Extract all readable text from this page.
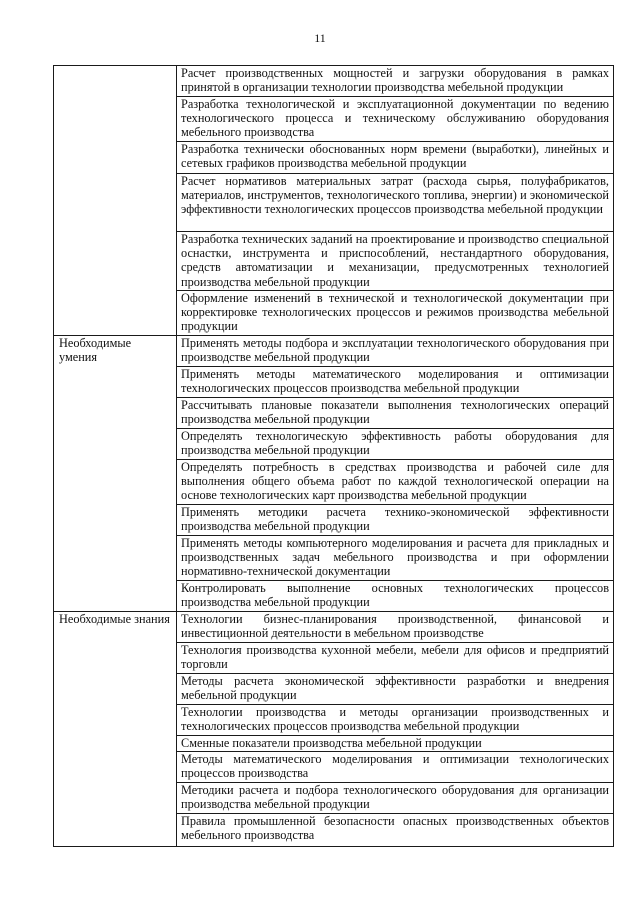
11
	Расчет производственных мощностей и загрузки оборудования в рамках принятой в организации технологии производства мебельной продукции
	Разработка технологической и эксплуатационной документации по ведению технологического процесса и техническому обслуживанию оборудования мебельного производства
	Разработка технически обоснованных норм времени (выработки), линейных и сетевых графиков производства мебельной продукции
	Расчет нормативов материальных затрат (расхода сырья, полуфабрикатов, материалов, инструментов, технологического топлива, энергии) и экономической эффективности технологических процессов производства мебельной продукции
	Разработка технических заданий на проектирование и производство специальной оснастки, инструмента и приспособлений, нестандартного оборудования, средств автоматизации и механизации, предусмотренных технологией производства мебельной продукции
	Оформление изменений в технической и технологической документации при корректировке технологических процессов и режимов производства мебельной продукции
Необходимые умения	Применять методы подбора и эксплуатации технологического оборудования при производстве мебельной продукции
	Применять методы математического моделирования и оптимизации технологических процессов производства мебельной продукции
	Рассчитывать плановые показатели выполнения технологических операций производства мебельной продукции
	Определять технологическую эффективность работы оборудования для производства мебельной продукции
	Определять потребность в средствах производства и рабочей силе для выполнения общего объема работ по каждой технологической операции на основе технологических карт производства мебельной продукции
	Применять методики расчета технико-экономической эффективности производства мебельной продукции
	Применять методы компьютерного моделирования и расчета для прикладных и производственных задач мебельного производства и при оформлении нормативно-технической документации
	Контролировать выполнение основных технологических процессов производства мебельной продукции
Необходимые знания	Технологии бизнес-планирования производственной, финансовой и инвестиционной деятельности в мебельном производстве
	Технология производства кухонной мебели, мебели для офисов и предприятий торговли
	Методы расчета экономической эффективности разработки и внедрения мебельной продукции
	Технологии производства и методы организации производственных и технологических процессов производства мебельной продукции
	Сменные показатели производства мебельной продукции
	Методы математического моделирования и оптимизации технологических процессов производства
	Методики расчета и подбора технологического оборудования для организации производства мебельной продукции
	Правила промышленной безопасности опасных производственных объектов мебельного производства
